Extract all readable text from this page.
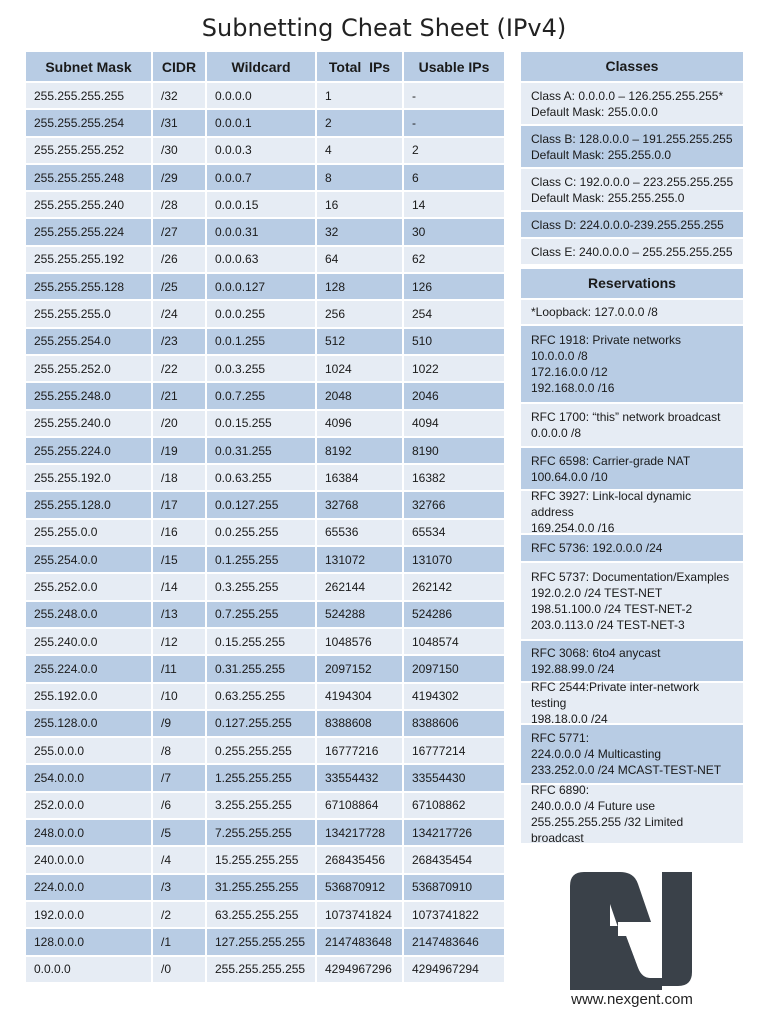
Subnetting Cheat Sheet (IPv4)
Subnet Mask	CIDR	Wildcard	Total  IPs	Usable IPs
255.255.255.255	/32	0.0.0.0	1	-
255.255.255.254	/31	0.0.0.1	2	-
255.255.255.252	/30	0.0.0.3	4	2
255.255.255.248	/29	0.0.0.7	8	6
255.255.255.240	/28	0.0.0.15	16	14
255.255.255.224	/27	0.0.0.31	32	30
255.255.255.192	/26	0.0.0.63	64	62
255.255.255.128	/25	0.0.0.127	128	126
255.255.255.0	/24	0.0.0.255	256	254
255.255.254.0	/23	0.0.1.255	512	510
255.255.252.0	/22	0.0.3.255	1024	1022
255.255.248.0	/21	0.0.7.255	2048	2046
255.255.240.0	/20	0.0.15.255	4096	4094
255.255.224.0	/19	0.0.31.255	8192	8190
255.255.192.0	/18	0.0.63.255	16384	16382
255.255.128.0	/17	0.0.127.255	32768	32766
255.255.0.0	/16	0.0.255.255	65536	65534
255.254.0.0	/15	0.1.255.255	131072	131070
255.252.0.0	/14	0.3.255.255	262144	262142
255.248.0.0	/13	0.7.255.255	524288	524286
255.240.0.0	/12	0.15.255.255	1048576	1048574
255.224.0.0	/11	0.31.255.255	2097152	2097150
255.192.0.0	/10	0.63.255.255	4194304	4194302
255.128.0.0	/9	0.127.255.255	8388608	8388606
255.0.0.0	/8	0.255.255.255	16777216	16777214
254.0.0.0	/7	1.255.255.255	33554432	33554430
252.0.0.0	/6	3.255.255.255	67108864	67108862
248.0.0.0	/5	7.255.255.255	134217728	134217726
240.0.0.0	/4	15.255.255.255	268435456	268435454
224.0.0.0	/3	31.255.255.255	536870912	536870910
192.0.0.0	/2	63.255.255.255	1073741824	1073741822
128.0.0.0	/1	127.255.255.255	2147483648	2147483646
0.0.0.0	/0	255.255.255.255	4294967296	4294967294
Classes
Class A: 0.0.0.0 – 126.255.255.255*
Default Mask: 255.0.0.0
Class B: 128.0.0.0 – 191.255.255.255
Default Mask: 255.255.0.0
Class C: 192.0.0.0 – 223.255.255.255
Default Mask: 255.255.255.0
Class D: 224.0.0.0-239.255.255.255
Class E: 240.0.0.0 – 255.255.255.255
Reservations
*Loopback: 127.0.0.0 /8
RFC 1918: Private networks
10.0.0.0 /8
172.16.0.0 /12
192.168.0.0 /16
RFC 1700: “this” network broadcast
0.0.0.0 /8
RFC 6598: Carrier-grade NAT
100.64.0.0 /10
RFC 3927: Link-local dynamic address
169.254.0.0 /16
RFC 5736: 192.0.0.0 /24
RFC 5737: Documentation/Examples
192.0.2.0 /24 TEST-NET
198.51.100.0 /24 TEST-NET-2
203.0.113.0 /24 TEST-NET-3
RFC 3068: 6to4 anycast
192.88.99.0 /24
RFC 2544:Private inter-network testing
198.18.0.0 /24
RFC 5771:
224.0.0.0 /4 Multicasting
233.252.0.0 /24 MCAST-TEST-NET
RFC 6890:
240.0.0.0 /4 Future use
255.255.255.255 /32 Limited broadcast
www.nexgent.com
